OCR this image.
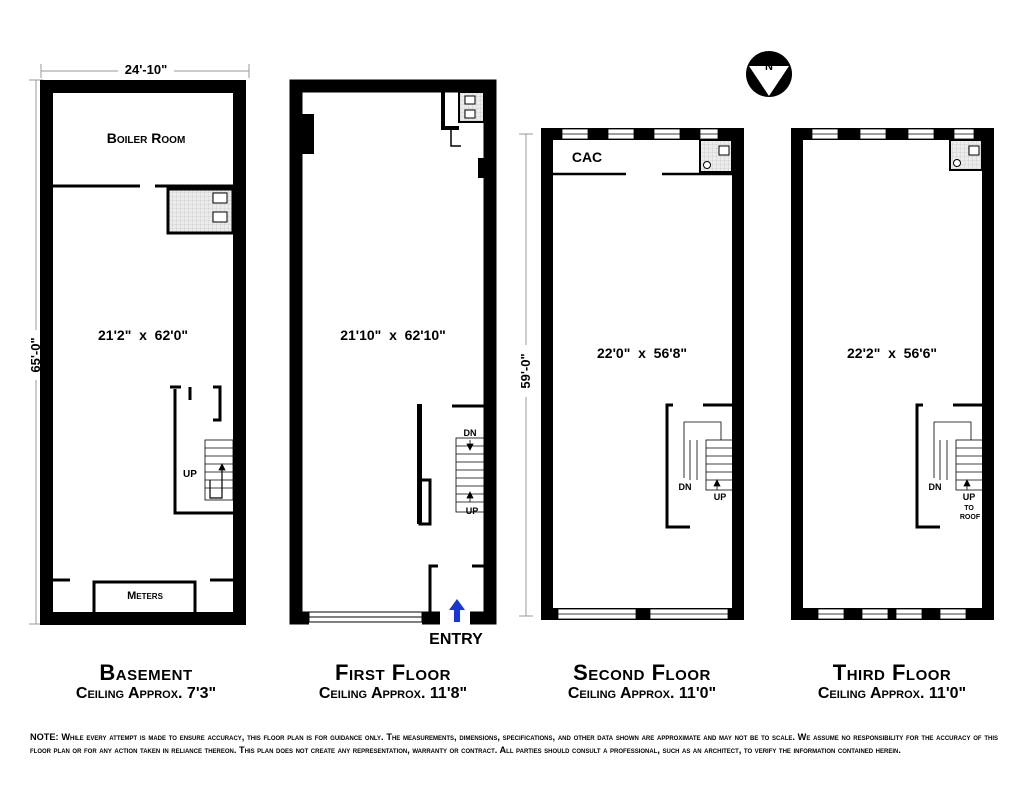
N
24'-10"
65'-0"
UP
Meters
Boiler Room
21'2"  x  62'0"
DN
UP
ENTRY
21'10"  x  62'10"
59'-0"
CAC
DN
UP
22'0"  x  56'8"
DN
UP
TO
ROOF
22'2"  x  56'6"
Basement
Ceiling Approx. 7'3"
First Floor
Ceiling Approx. 11'8"
Second Floor
Ceiling Approx. 11'0"
Third Floor
Ceiling Approx. 11'0"
NOTE: While every attempt is made to ensure accuracy, this floor plan is for guidance only. The measurements, dimensions, specifications, and other data shown are approximate and may not be to scale. We assume no responsibility for the accuracy of this floor plan or for any action taken in reliance thereon. This plan does not create any representation, warranty or contract. All parties should consult a professional, such as an architect, to verify the information contained herein.
